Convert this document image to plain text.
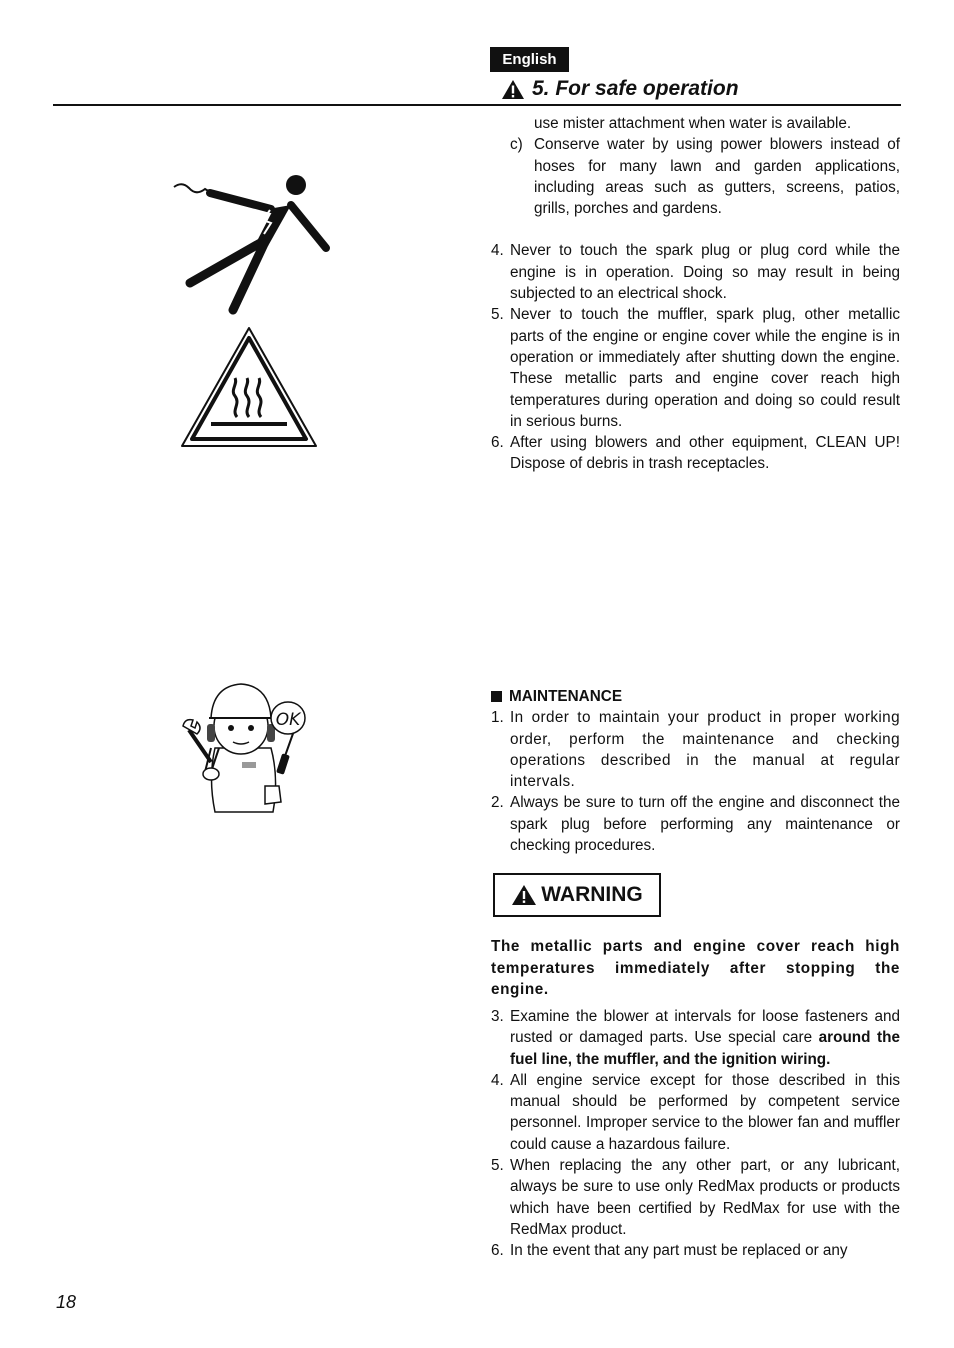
English
5. For safe operation
OK

use mister attachment when water is available.

c) Conserve water by using power blowers instead of hoses for many lawn and garden applications, including areas such as gutters, screens, patios, grills, porches and gardens.
4. Never to touch the spark plug or plug cord while the engine is in operation. Doing so may result in being subjected to an electrical shock.
5. Never to touch the muffler, spark plug, other metallic parts of the engine or engine cover while the engine is in operation or immediately after shutting down the engine. These metallic parts and engine cover reach high temperatures during operation and doing so could result in serious burns.
6. After using blowers and other equipment, CLEAN UP! Dispose of debris in trash receptacles.
MAINTENANCE
1. In order to maintain your product in proper working order, perform the maintenance and checking operations described in the manual at regular intervals.
2. Always be sure to turn off the engine and disconnect the spark plug before performing any maintenance or checking procedures.
WARNING

The metallic parts and engine cover reach high temperatures immediately after stopping the engine.

3. Examine the blower at intervals for loose fasteners and rusted or damaged parts. Use special care around the fuel line, the muffler, and the ignition wiring.
4. All engine service except for those described in this manual should be performed by competent service personnel. Improper service to the blower fan and muffler could cause a hazardous failure.
5. When replacing the any other part, or any lubricant, always be sure to use only RedMax products or products which have been certified by RedMax for use with the RedMax product.
6. In the event that any part must be replaced or any
18
